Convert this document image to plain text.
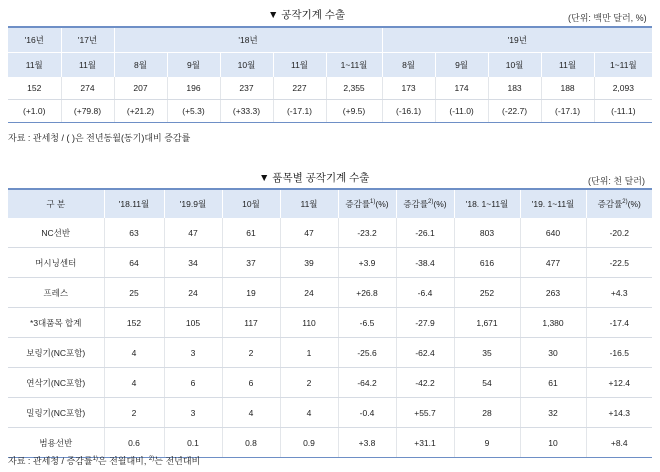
▼ 공작기계 수출	(단위: 백만 달러, %)
'16년	'17년	'18년					'19년				
11월	11월	8월	9월	10월	11월	1~11월	8월	9월	10월	11월	1~11월
152	274	207	196	237	227	2,355	173	174	183	188	2,093
(+1.0)	(+79.8)	(+21.2)	(+5.3)	(+33.3)	(-17.1)	(+9.5)	(-16.1)	(-11.0)	(-22.7)	(-17.1)	(-11.1)
자료 : 관세청 / ( )은 전년동월(동기)대비 증감률
▼ 품목별 공작기계 수출	(단위: 천 달러)
구 분	'18.11월	'19.9월	10월	11월	증감률$^{1)}$(%)	증감률$^{2)}$(%)	'18. 1~11월	'19. 1~11월	증감률$^{2)}$(%)
NC선반	63	47	61	47	-23.2	-26.1	803	640	-20.2
머시닝센터	64	34	37	39	+3.9	-38.4	616	477	-22.5
프레스	25	24	19	24	+26.8	-6.4	252	263	+4.3
*3대품목 합계	152	105	117	110	-6.5	-27.9	1,671	1,380	-17.4
보링기(NC포함)	4	3	2	1	-25.6	-62.4	35	30	-16.5
연삭기(NC포함)	4	6	6	2	-64.2	-42.2	54	61	+12.4
밀링기(NC포함)	2	3	4	4	-0.4	+55.7	28	32	+14.3
범용선반	0.6	0.1	0.8	0.9	+3.8	+31.1	9	10	+8.4
자료 : 관세청 / 증감률$^{1)}$은 전월대비, $^{2)}$는 전년대비
